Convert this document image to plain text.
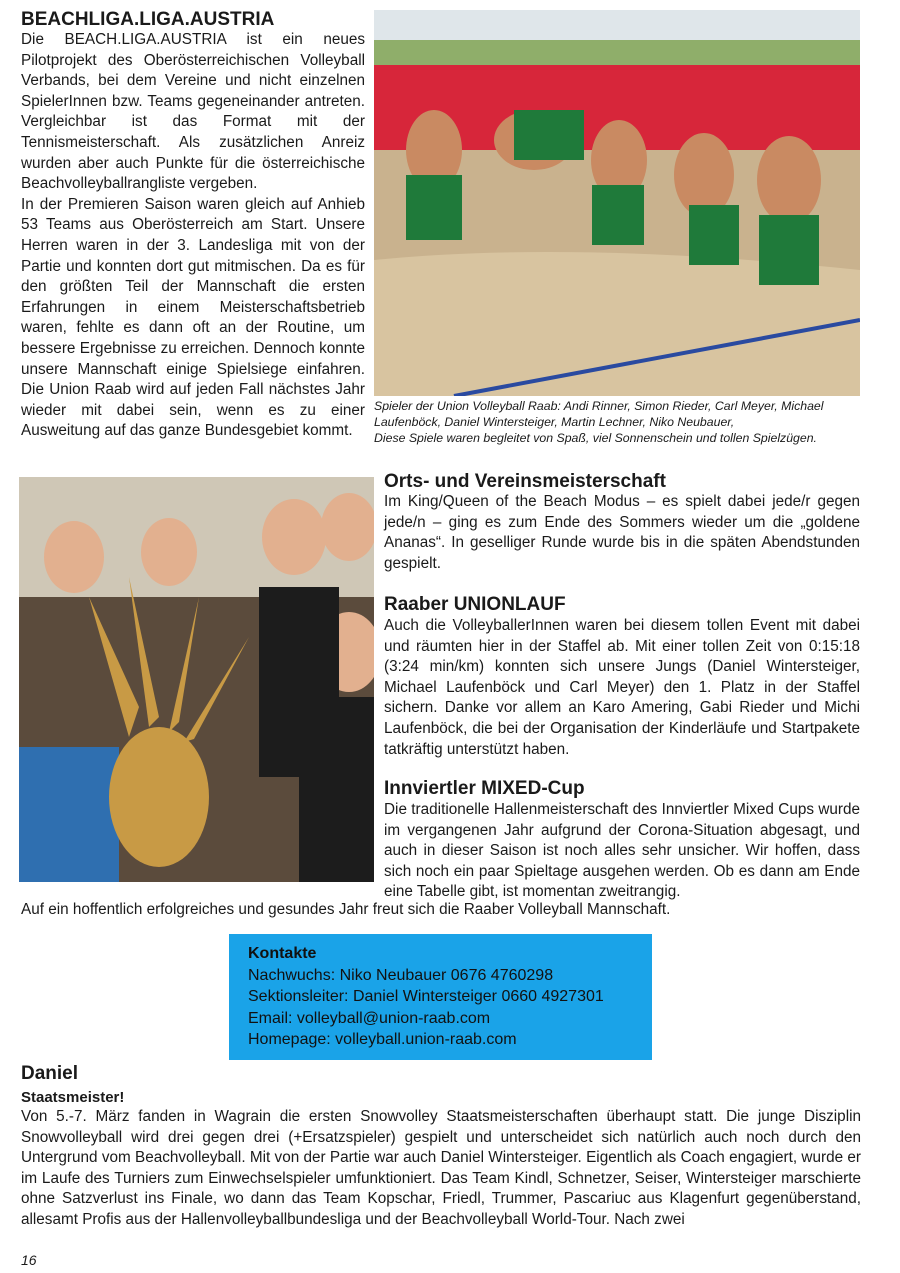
BEACHLIGA.LIGA.AUSTRIA
Die BEACH.LIGA.AUSTRIA ist ein neues Pilotprojekt des Oberösterreichischen Volleyball Verbands, bei dem Vereine und nicht einzelnen SpielerInnen bzw. Teams gegeneinander antreten. Vergleichbar ist das Format mit der Tennismeisterschaft. Als zusätzlichen Anreiz wurden aber auch Punkte für die österreichische Beachvolleyballrangliste vergeben.
In der Premieren Saison waren gleich auf Anhieb 53 Teams aus Oberösterreich am Start. Unsere Herren waren in der 3. Landesliga mit von der Partie und konnten dort gut mitmischen. Da es für den größten Teil der Mannschaft die ersten Erfahrungen in einem Meisterschaftsbetrieb waren, fehlte es dann oft an der Routine, um bessere Ergebnisse zu erreichen. Dennoch konnte unsere Mannschaft einige Spielsiege einfahren. Die Union Raab wird auf jeden Fall nächstes Jahr wieder mit dabei sein, wenn es zu einer Ausweitung auf das ganze Bundesgebiet kommt.
Spieler der Union Volleyball Raab: Andi Rinner, Simon Rieder, Carl Meyer, Michael Laufenböck, Daniel Wintersteiger, Martin Lechner, Niko Neubauer,
Diese Spiele waren begleitet von Spaß, viel Sonnenschein und tollen Spielzügen.
Orts- und Vereinsmeisterschaft
Im King/Queen of the Beach Modus – es spielt dabei jede/r gegen jede/n – ging es zum Ende des Sommers wieder um die „goldene Ananas“. In geselliger Runde wurde bis in die späten Abendstunden gespielt.
Raaber UNIONLAUF
Auch die VolleyballerInnen waren bei diesem tollen Event mit dabei und räumten hier in der Staffel ab. Mit einer tollen Zeit von 0:15:18 (3:24 min/km) konnten sich unsere Jungs (Daniel Wintersteiger, Michael Laufenböck und Carl Meyer) den 1. Platz in der Staffel sichern. Danke vor allem an Karo Amering, Gabi Rieder und Michi Laufenböck, die bei der Organisation der Kinderläufe und Startpakete tatkräftig unterstützt haben.
Innviertler MIXED-Cup
Die traditionelle Hallenmeisterschaft des Innviertler Mixed Cups wurde im vergangenen Jahr aufgrund der Corona-Situation abgesagt, und auch in dieser Saison ist noch alles sehr unsicher. Wir hoffen, dass sich noch ein paar Spieltage ausgehen werden. Ob es dann am Ende eine Tabelle gibt, ist momentan zweitrangig.
Auf ein hoffentlich erfolgreiches und gesundes Jahr freut sich die Raaber Volleyball Mannschaft.
Kontakte
Nachwuchs: Niko Neubauer 0676 4760298
Sektionsleiter: Daniel Wintersteiger 0660 4927301
Email: volleyball@union-raab.com
Homepage: volleyball.union-raab.com
Daniel
Staatsmeister!
Von 5.-7. März fanden in Wagrain die ersten Snowvolley Staatsmeisterschaften überhaupt statt. Die junge Disziplin Snowvolleyball wird drei gegen drei (+Ersatzspieler) gespielt und unterscheidet sich natürlich auch noch durch den Untergrund vom Beachvolleyball. Mit von der Partie war auch Daniel Wintersteiger. Eigentlich als Coach engagiert, wurde er im Laufe des Turniers zum Einwechselspieler umfunktioniert. Das Team Kindl, Schnetzer, Seiser, Wintersteiger marschierte ohne Satzverlust ins Finale, wo dann das Team Kopschar, Friedl, Trummer, Pascariuc aus Klagenfurt gegenüberstand, allesamt Profis aus der Hallenvolleyballbundesliga und der Beachvolleyball World-Tour. Nach zwei
16
